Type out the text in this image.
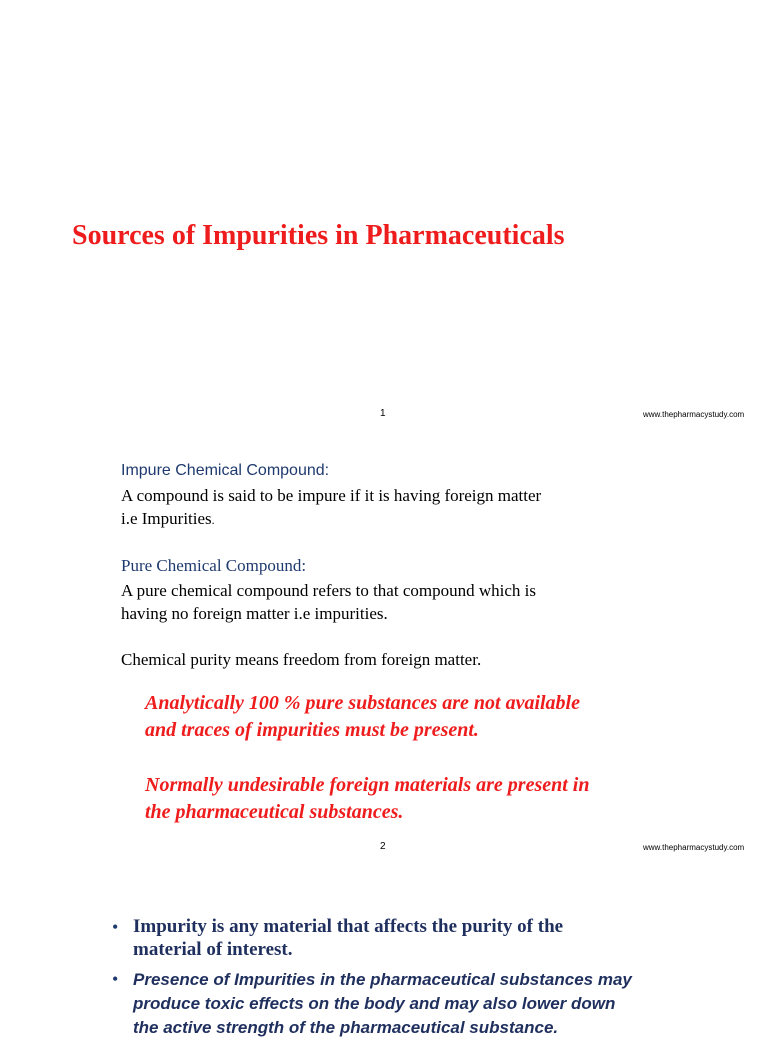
Sources of Impurities in Pharmaceuticals
1	www.thepharmacystudy.com
Impure Chemical Compound:
A compound is said to be impure if it is having foreign matter
i.e Impurities.
Pure Chemical Compound:
A pure chemical compound refers to that compound which is
having no foreign matter i.e impurities.
Chemical purity means freedom from foreign matter.
Analytically 100 % pure substances are not available
and traces of impurities must be present.
Normally undesirable foreign materials are present in
the pharmaceutical substances.
2	www.thepharmacystudy.com
• Impurity is any material that affects the purity of the
material of interest.
• Presence of Impurities in the pharmaceutical substances may
produce toxic effects on the body and may also lower down
the active strength of the pharmaceutical substance.
